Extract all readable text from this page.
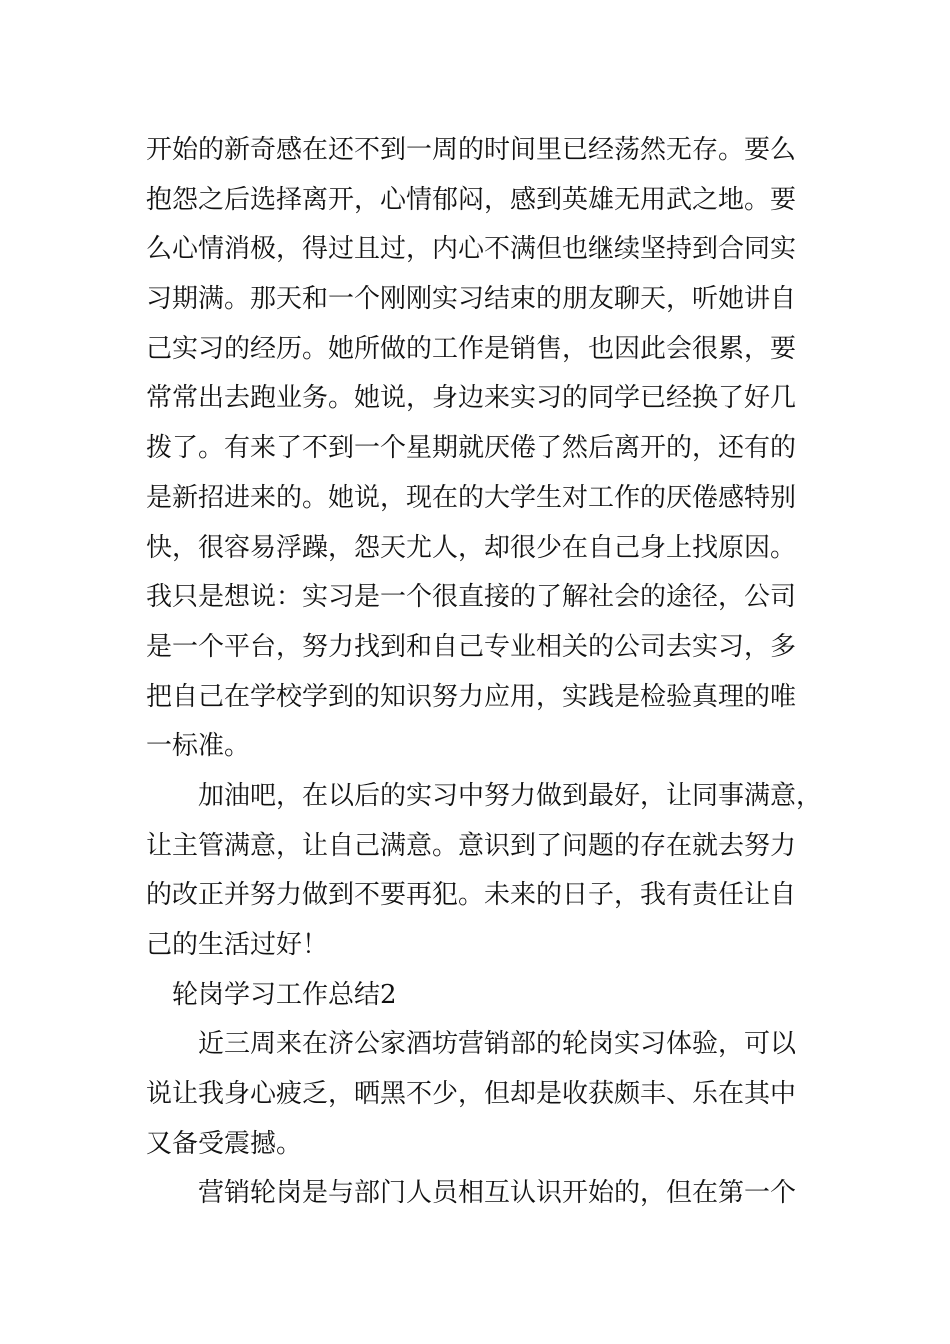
开始的新奇感在还不到一周的时间里已经荡然无存。要么
抱怨之后选择离开，心情郁闷，感到英雄无用武之地。要
么心情消极，得过且过，内心不满但也继续坚持到合同实
习期满。那天和一个刚刚实习结束的朋友聊天，听她讲自
己实习的经历。她所做的工作是销售，也因此会很累，要
常常出去跑业务。她说，身边来实习的同学已经换了好几
拨了。有来了不到一个星期就厌倦了然后离开的，还有的
是新招进来的。她说，现在的大学生对工作的厌倦感特别
快，很容易浮躁，怨天尤人，却很少在自己身上找原因。
我只是想说：实习是一个很直接的了解社会的途径，公司
是一个平台，努力找到和自己专业相关的公司去实习，多
把自己在学校学到的知识努力应用，实践是检验真理的唯
一标准。
加油吧，在以后的实习中努力做到最好，让同事满意，
让主管满意，让自己满意。意识到了问题的存在就去努力
的改正并努力做到不要再犯。未来的日子，我有责任让自
己的生活过好！
轮岗学习工作总结2
近三周来在济公家酒坊营销部的轮岗实习体验，可以
说让我身心疲乏，晒黑不少，但却是收获颇丰、乐在其中
又备受震撼。
营销轮岗是与部门人员相互认识开始的，但在第一个
